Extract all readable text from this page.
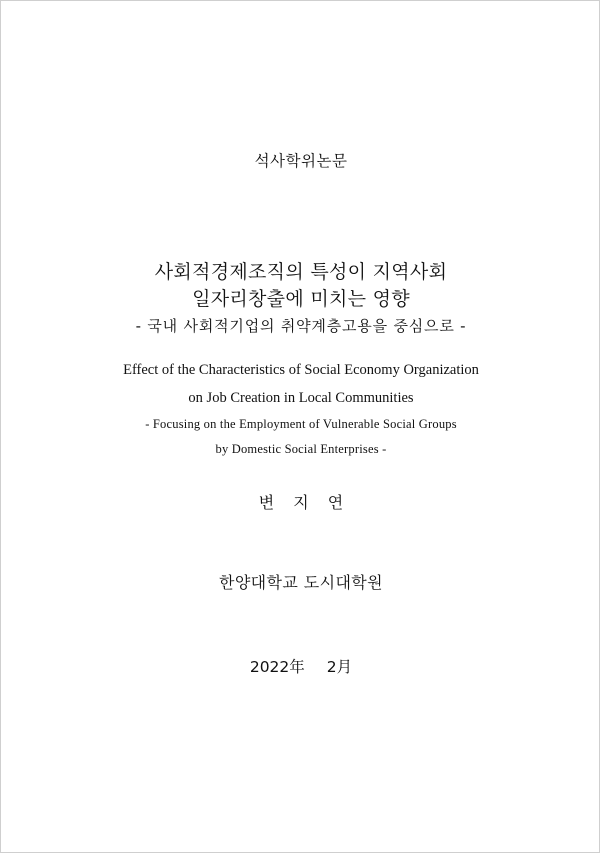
석사학위논문
사회적경제조직의 특성이 지역사회
일자리창출에 미치는 영향
- 국내 사회적기업의 취약계층고용을 중심으로 -
Effect of the Characteristics of Social Economy Organization
on Job Creation in Local Communities
- Focusing on the Employment of Vulnerable Social Groups
by Domestic Social Enterprises -
변 지 연
한양대학교 도시대학원
2022年 2月
